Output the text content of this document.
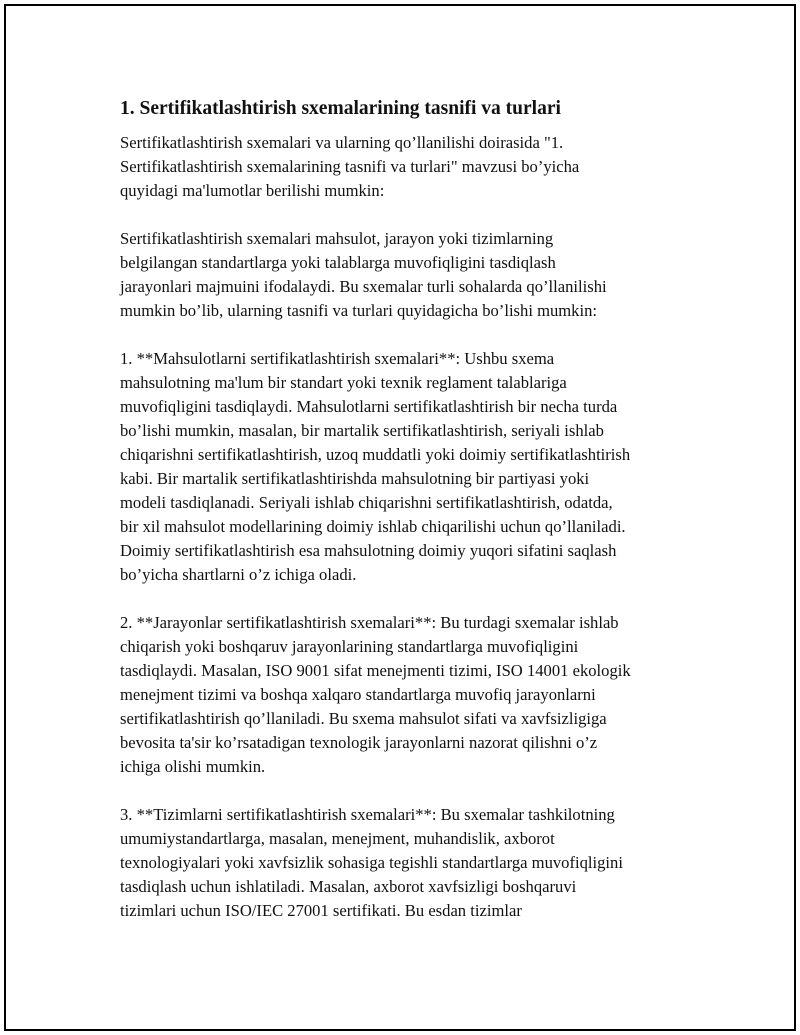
1. Sertifikatlashtirish sxemalarining tasnifi va turlari

Sertifikatlashtirish sxemalari va ularning qo’llanilishi doirasida "1.
Sertifikatlashtirish sxemalarining tasnifi va turlari" mavzusi bo’yicha
quyidagi ma'lumotlar berilishi mumkin:

Sertifikatlashtirish sxemalari mahsulot, jarayon yoki tizimlarning
belgilangan standartlarga yoki talablarga muvofiqligini tasdiqlash
jarayonlari majmuini ifodalaydi. Bu sxemalar turli sohalarda qo’llanilishi
mumkin bo’lib, ularning tasnifi va turlari quyidagicha bo’lishi mumkin:

1. **Mahsulotlarni sertifikatlashtirish sxemalari**: Ushbu sxema
mahsulotning ma'lum bir standart yoki texnik reglament talablariga
muvofiqligini tasdiqlaydi. Mahsulotlarni sertifikatlashtirish bir necha turda
bo’lishi mumkin, masalan, bir martalik sertifikatlashtirish, seriyali ishlab
chiqarishni sertifikatlashtirish, uzoq muddatli yoki doimiy sertifikatlashtirish
kabi. Bir martalik sertifikatlashtirishda mahsulotning bir partiyasi yoki
modeli tasdiqlanadi. Seriyali ishlab chiqarishni sertifikatlashtirish, odatda,
bir xil mahsulot modellarining doimiy ishlab chiqarilishi uchun qo’llaniladi.
Doimiy sertifikatlashtirish esa mahsulotning doimiy yuqori sifatini saqlash
bo’yicha shartlarni o’z ichiga oladi.

2. **Jarayonlar sertifikatlashtirish sxemalari**: Bu turdagi sxemalar ishlab
chiqarish yoki boshqaruv jarayonlarining standartlarga muvofiqligini
tasdiqlaydi. Masalan, ISO 9001 sifat menejmenti tizimi, ISO 14001 ekologik
menejment tizimi va boshqa xalqaro standartlarga muvofiq jarayonlarni
sertifikatlashtirish qo’llaniladi. Bu sxema mahsulot sifati va xavfsizligiga
bevosita ta'sir ko’rsatadigan texnologik jarayonlarni nazorat qilishni o’z
ichiga olishi mumkin.

3. **Tizimlarni sertifikatlashtirish sxemalari**: Bu sxemalar tashkilotning
umumiystandartlarga, masalan, menejment, muhandislik, axborot
texnologiyalari yoki xavfsizlik sohasiga tegishli standartlarga muvofiqligini
tasdiqlash uchun ishlatiladi. Masalan, axborot xavfsizligi boshqaruvi
tizimlari uchun ISO/IEC 27001 sertifikati. Bu esdan tizimlar
